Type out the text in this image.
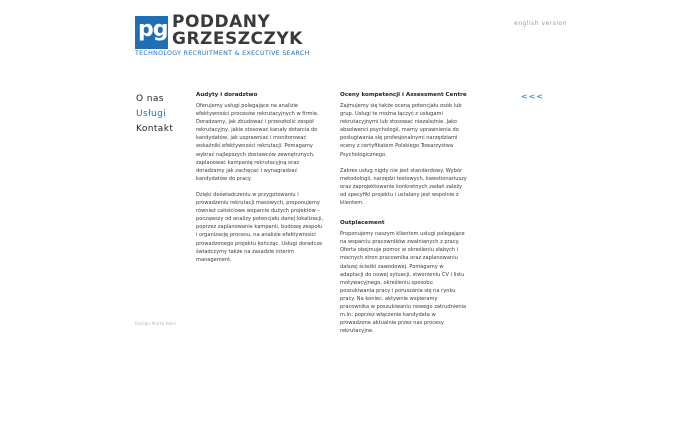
pg PODDANY
GRZESZCZYK
TECHNOLOGY RECRUITMENT & EXECUTIVE SEARCH
english version
O nas
Usługi
Kontakt
Audyty i doradztwo

Oferujemy usługi polegające na analizie efektywności procesów rekrutacyjnych w firmie. Doradzamy, jak zbudować i przeszkolić zespół rekrutacyjny, jakie stosować kanały dotarcia do kandydatów, jak usprawniać i monitorować wskaźniki efektywności rekrutacji. Pomagamy wybrać najlepszych dostawców zewnętrznych, zaplanować kampanię rekrutacyjną oraz doradzamy jak zachęcać i wynagradzać kandydatów do pracy.

Dzięki doświadczeniu w przygotowaniu i prowadzeniu rekrutacji masowych, proponujemy również całościowe wsparcie dużych projektów – począwszy od analizy potencjału danej lokalizacji, poprzez zaplanowanie kampanii, budowę zespołu i organizację procesu, na analizie efektywności prowadzonego projektu kończąc. Usługi doradcze świadczymy także na zasadzie interim management.

Oceny kompetencji i Assessment Centre

Zajmujemy się także oceną potencjału osób lub grup. Usługi te można łączyć z usługami rekrutacyjnymi lub stosować niezależnie. Jako absolwenci psychologii, mamy uprawnienia do posługiwania się profesjonalnymi narzędziami oceny z certyfikatem Polskiego Towarzystwa Psychologicznego.

Zakres usług nigdy nie jest standardowy. Wybór metodologii, narzędzi testowych, kwestionariuszy oraz zaprojektowanie konkretnych zadań zależy od specyfiki projektu i ustalany jest wspólnie z klientem.

Outplacement

Proponujemy naszym klientom usługi polegające na wsparciu pracowników zwalnianych z pracy. Oferta obejmuje pomoc w określeniu słabych i mocnych stron pracownika oraz zaplanowaniu dalszej ścieżki zawodowej. Pomagamy w adaptacji do nowej sytuacji, stworzeniu CV i listu motywacyjnego, określeniu sposobu poszukiwania pracy i poruszania się na rynku pracy. Na koniec, aktywnie wspieramy pracownika w poszukiwaniu nowego zatrudnienia m.in. poprzez włączenie kandydata w prowadzone aktualnie przez nas procesy rekrutacyjne.

<<<
Design Marta Wars
